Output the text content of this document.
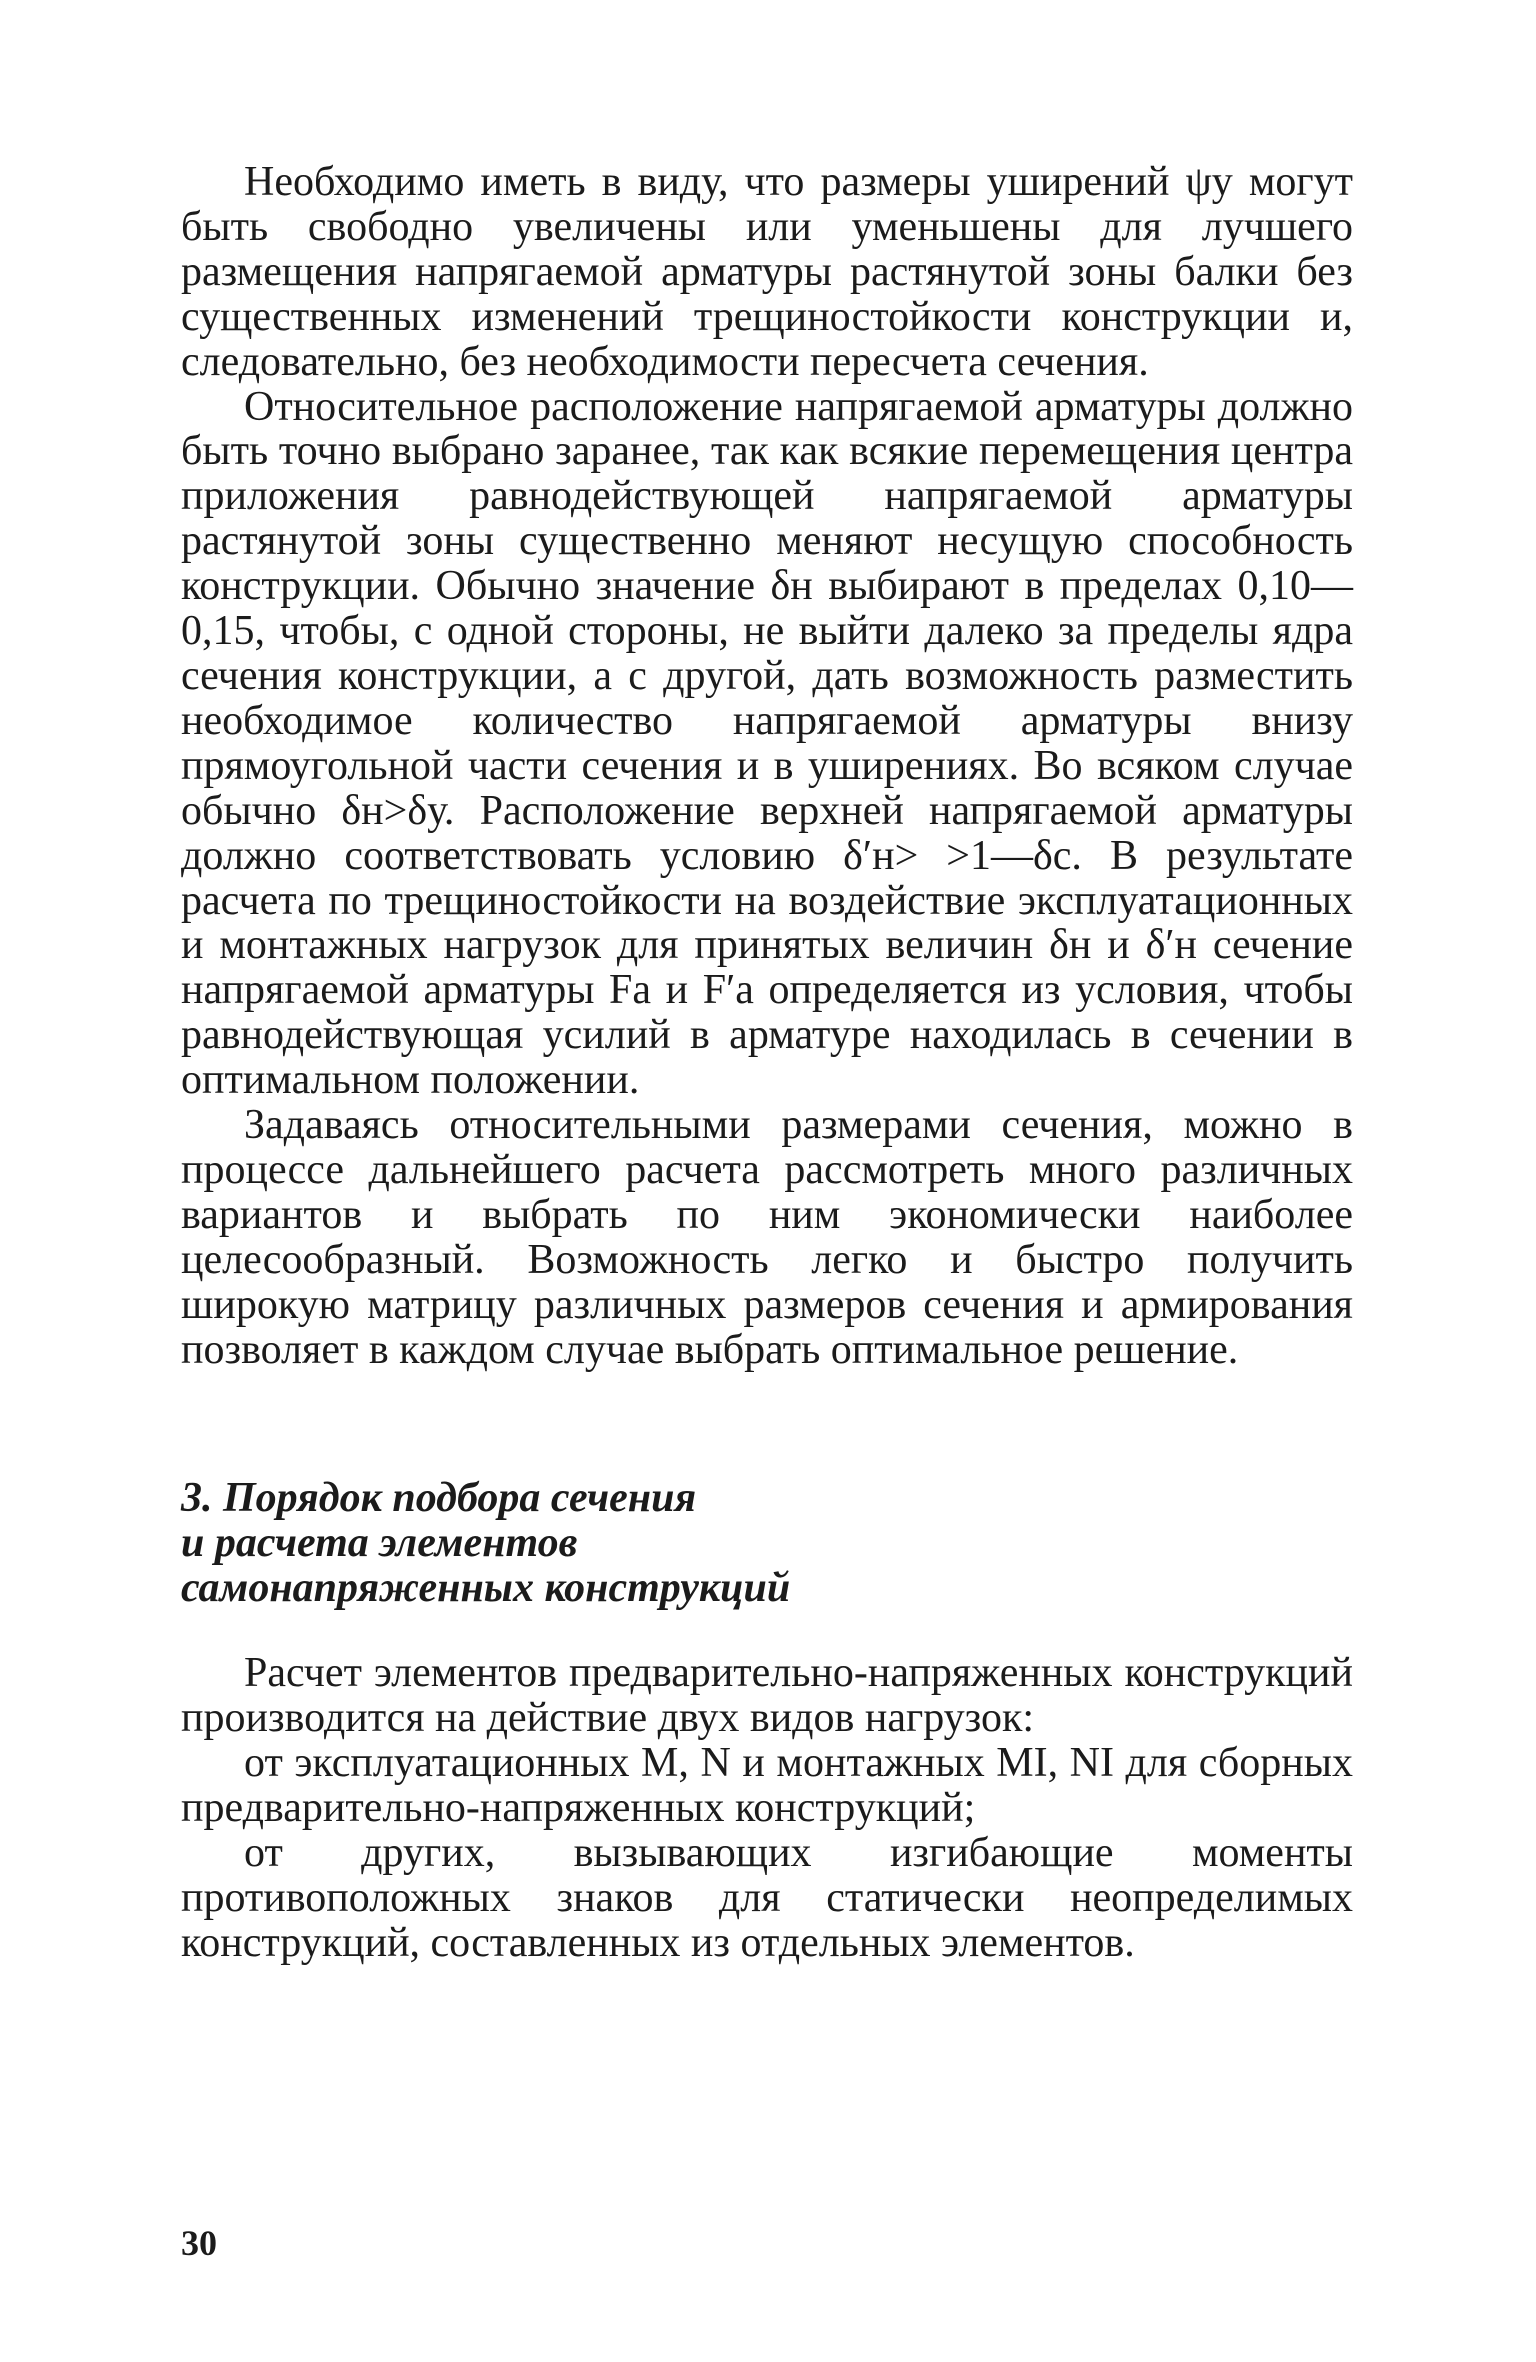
Необходимо иметь в виду, что размеры уширений ψу могут быть свободно увеличены или уменьшены для лучшего размещения напрягаемой арматуры растянутой зоны балки без существенных изменений трещиностойкости конструкции и, следовательно, без необходимости пересчета сечения.

Относительное расположение напрягаемой арматуры должно быть точно выбрано заранее, так как всякие перемещения центра приложения равнодействующей напрягаемой арматуры растянутой зоны существенно меняют несущую способность конструкции. Обычно значение δн выбирают в пределах 0,10—0,15, чтобы, с одной стороны, не выйти далеко за пределы ядра сечения конструкции, а с другой, дать возможность разместить необходимое количество напрягаемой арматуры внизу прямоугольной части сечения и в уширениях. Во всяком случае обычно δн>δу. Расположение верхней напрягаемой арматуры должно соответствовать условию δ′н> >1—δс. В результате расчета по трещиностойкости на воздействие эксплуатационных и монтажных нагрузок для принятых величин δн и δ′н сечение напрягаемой арматуры Fа и F′а определяется из условия, чтобы равнодействующая усилий в арматуре находилась в сечении в оптимальном положении.

Задаваясь относительными размерами сечения, можно в процессе дальнейшего расчета рассмотреть много различных вариантов и выбрать по ним экономически наиболее целесообразный. Возможность легко и быстро получить широкую матрицу различных размеров сечения и армирования позволяет в каждом случае выбрать оптимальное решение.

3. Порядок подбора сечения
и расчета элементов
самонапряженных конструкций

Расчет элементов предварительно-напряженных конструкций производится на действие двух видов нагрузок:

от эксплуатационных M, N и монтажных MI, NI для сборных предварительно-напряженных конструкций;

от других, вызывающих изгибающие моменты противоположных знаков для статически неопределимых конструкций, составленных из отдельных элементов.

30
